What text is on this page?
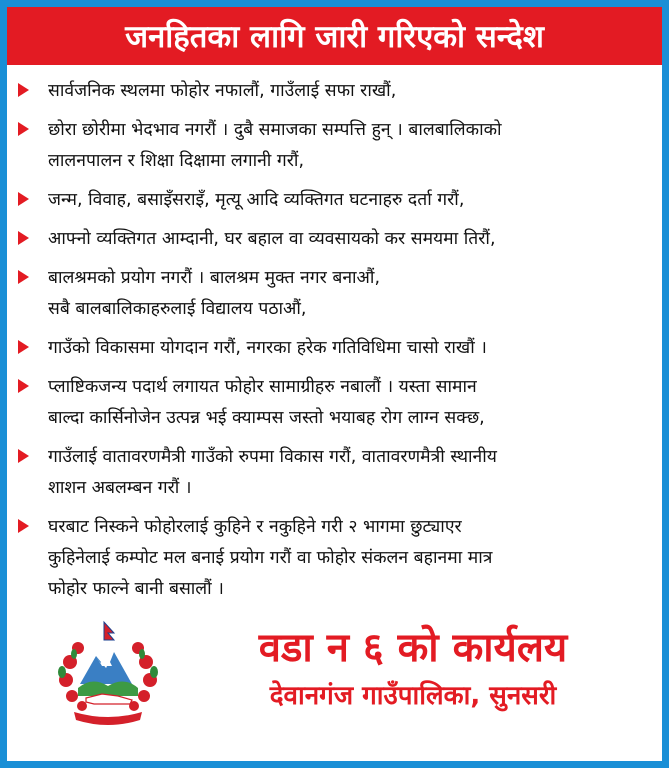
जनहितका लागि जारी गरिएको सन्देश
सार्वजनिक स्थलमा फोहोर नफालौं, गाउँलाई सफा राखौं,
छोरा छोरीमा भेदभाव नगरौं । दुबै समाजका सम्पत्ति हुन् । बालबालिकाको
लालनपालन र शिक्षा दिक्षामा लगानी गरौं,
जन्म, विवाह, बसाइँसराइँ, मृत्यू आदि व्यक्तिगत घटनाहरु दर्ता गरौं,
आफ्नो व्यक्तिगत आम्दानी, घर बहाल वा व्यवसायको कर समयमा तिरौं,
बालश्रमको प्रयोग नगरौं । बालश्रम मुक्त नगर बनाऔं,
सबै बालबालिकाहरुलाई विद्यालय पठाऔं,
गाउँको विकासमा योगदान गरौं, नगरका हरेक गतिविधिमा चासो राखौं ।
प्लाष्टिकजन्य पदार्थ लगायत फोहोर सामाग्रीहरु नबालौं । यस्ता सामान
बाल्दा कार्सिनोजेन उत्पन्न भई क्याम्पस जस्तो भयाबह रोग लाग्न सक्छ,
गाउँलाई वातावरणमैत्री गाउँको रुपमा विकास गरौं, वातावरणमैत्री स्थानीय
शाशन अबलम्बन गरौं ।
घरबाट निस्कने फोहोरलाई कुहिने र नकुहिने गरी २ भागमा छुट्याएर
कुहिनेलाई कम्पोट मल बनाई प्रयोग गरौं वा फोहोर संकलन बहानमा मात्र
फोहोर फाल्ने बानी बसालौं ।
वडा न ६ को कार्यलय
देवानगंज गाउँपालिका, सुनसरी
